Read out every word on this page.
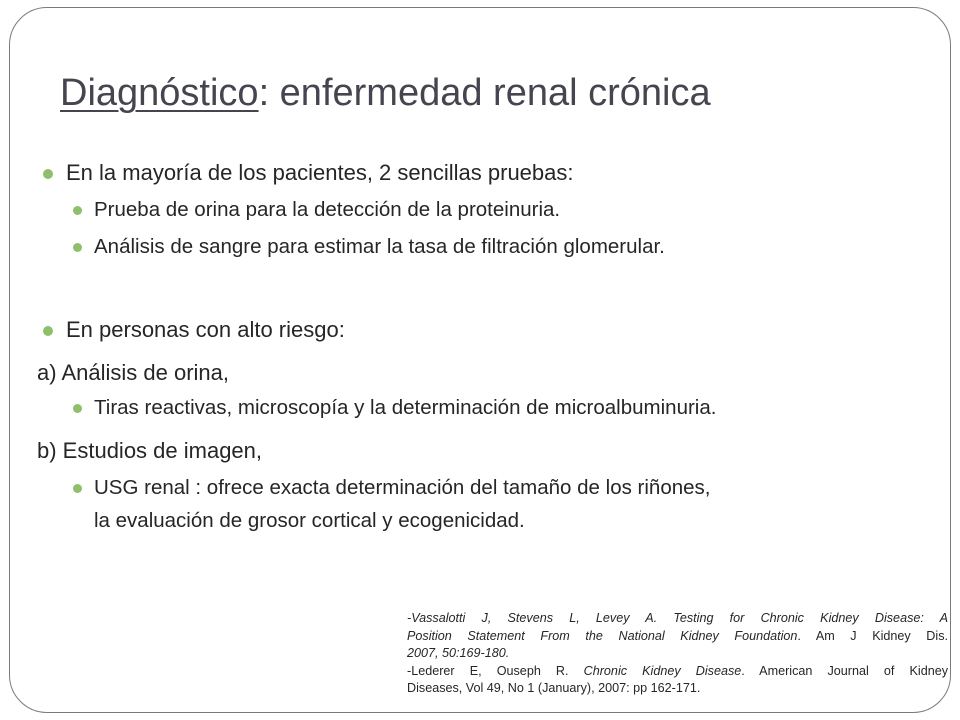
Diagnóstico: enfermedad renal crónica
En la mayoría de los pacientes, 2 sencillas pruebas:
Prueba de orina para la detección de la proteinuria.
Análisis de sangre para estimar la tasa de filtración glomerular.
En personas con alto riesgo:
a) Análisis de orina,
Tiras reactivas, microscopía y la determinación de microalbuminuria.
b) Estudios de imagen,
USG renal : ofrece exacta determinación del tamaño de los riñones,
la evaluación de grosor cortical y ecogenicidad.

-Vassalotti J, Stevens L, Levey A. Testing for Chronic Kidney Disease: A

Position Statement From the National Kidney Foundation. Am J Kidney Dis.

2007, 50:169-180.

-Lederer E, Ouseph R. Chronic Kidney Disease. American Journal of Kidney

Diseases, Vol 49, No 1 (January), 2007: pp 162-171.
